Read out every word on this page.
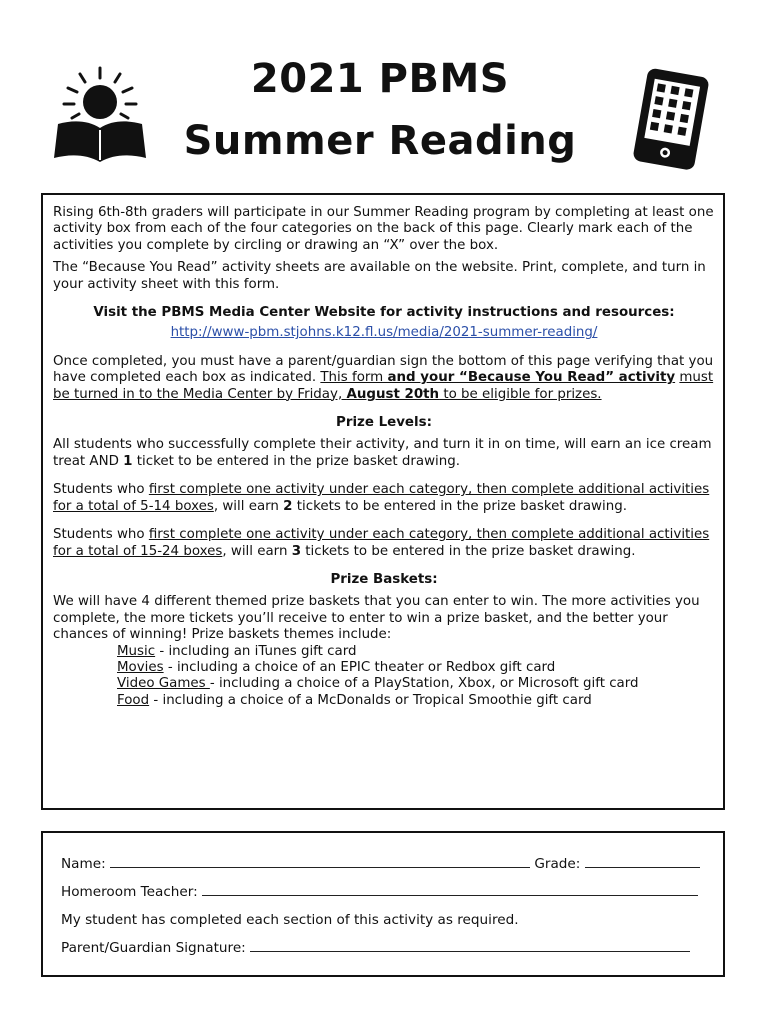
2021 PBMS
Summer Reading

Rising 6th-8th graders will participate in our Summer Reading program by completing at least one activity box from each of the four categories on the back of this page. Clearly mark each of the activities you complete by circling or drawing an “X” over the box.

The “Because You Read” activity sheets are available on the website. Print, complete, and turn in your activity sheet with this form.

Visit the PBMS Media Center Website for activity instructions and resources:

http://www-pbm.stjohns.k12.fl.us/media/2021-summer-reading/

Once completed, you must have a parent/guardian sign the bottom of this page verifying that you have completed each box as indicated. This form and your “Because You Read” activity must be turned in to the Media Center by Friday, August 20th to be eligible for prizes.

Prize Levels:

All students who successfully complete their activity, and turn it in on time, will earn an ice cream treat AND 1 ticket to be entered in the prize basket drawing.

Students who first complete one activity under each category, then complete additional activities for a total of 5-14 boxes, will earn 2 tickets to be entered in the prize basket drawing.

Students who first complete one activity under each category, then complete additional activities for a total of 15-24 boxes, will earn 3 tickets to be entered in the prize basket drawing.

Prize Baskets:

We will have 4 different themed prize baskets that you can enter to win. The more activities you complete, the more tickets you’ll receive to enter to win a prize basket, and the better your chances of winning! Prize baskets themes include:

Music - including an iTunes gift card

Movies - including a choice of an EPIC theater or Redbox gift card

Video Games - including a choice of a PlayStation, Xbox, or Microsoft gift card

Food - including a choice of a McDonalds or Tropical Smoothie gift card

Name:	Grade:

Homeroom Teacher:

My student has completed each section of this activity as required.

Parent/Guardian Signature:
